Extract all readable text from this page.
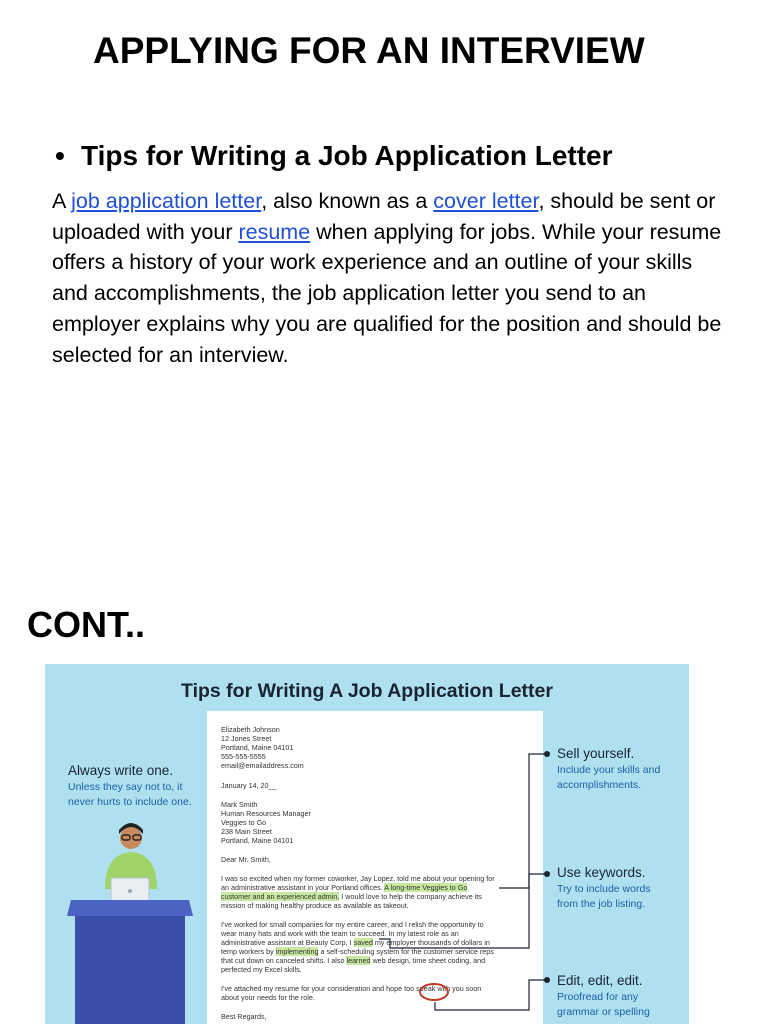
APPLYING FOR AN INTERVIEW
• Tips for Writing a Job Application Letter
A job application letter, also known as a cover letter, should be sent or uploaded with your resume when applying for jobs. While your resume offers a history of your work experience and an outline of your skills and accomplishments, the job application letter you send to an employer explains why you are qualified for the position and should be selected for an interview.
CONT..
Tips for Writing A Job Application Letter
Always write one.
Unless they say not to, it
never hurts to include one.
Elizabeth Johnson
12 Jones Street
Portland, Maine 04101
555-555-5555
email@emailaddress.com
January 14, 20__
Mark Smith
Human Resources Manager
Veggies to Go
238 Main Street
Portland, Maine 04101
Dear Mr. Smith,
I was so excited when my former coworker, Jay Lopez, told me about your opening for
an administrative assistant in your Portland offices. A long-time Veggies to Go
customer and an experienced admin, I would love to help the company achieve its
mission of making healthy produce as available as takeout.
I've worked for small companies for my entire career, and I relish the opportunity to
wear many hats and work with the team to succeed. In my latest role as an
administrative assistant at Beauty Corp, I saved my employer thousands of dollars in
temp workers by implementing a self-scheduling system for the customer service reps
that cut down on canceled shifts. I also learned web design, time sheet coding, and
perfected my Excel skills.
I've attached my resume for your consideration and hope too speak with you soon
about your needs for the role.
Best Regards,
Sell yourself.
Include your skills and
accomplishments.
Use keywords.
Try to include words
from the job listing.
Edit, edit, edit.
Proofread for any
grammar or spelling
